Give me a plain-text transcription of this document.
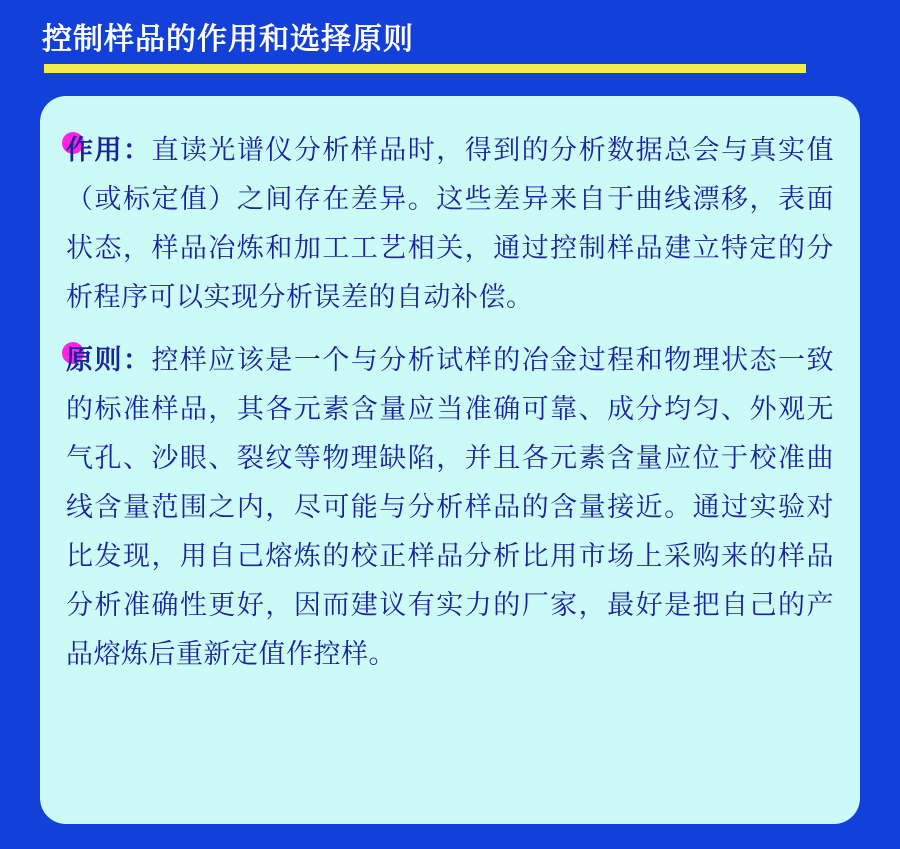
控制样品的作用和选择原则

作用：直读光谱仪分析样品时，得到的分析数据总会与真实值（或标定值）之间存在差异。这些差异来自于曲线漂移，表面状态，样品冶炼和加工工艺相关，通过控制样品建立特定的分析程序可以实现分析误差的自动补偿。

原则：控样应该是一个与分析试样的冶金过程和物理状态一致的标准样品，其各元素含量应当准确可靠、成分均匀、外观无气孔、沙眼、裂纹等物理缺陷，并且各元素含量应位于校准曲线含量范围之内，尽可能与分析样品的含量接近。通过实验对比发现，用自己熔炼的校正样品分析比用市场上采购来的样品分析准确性更好，因而建议有实力的厂家，最好是把自己的产品熔炼后重新定值作控样。
